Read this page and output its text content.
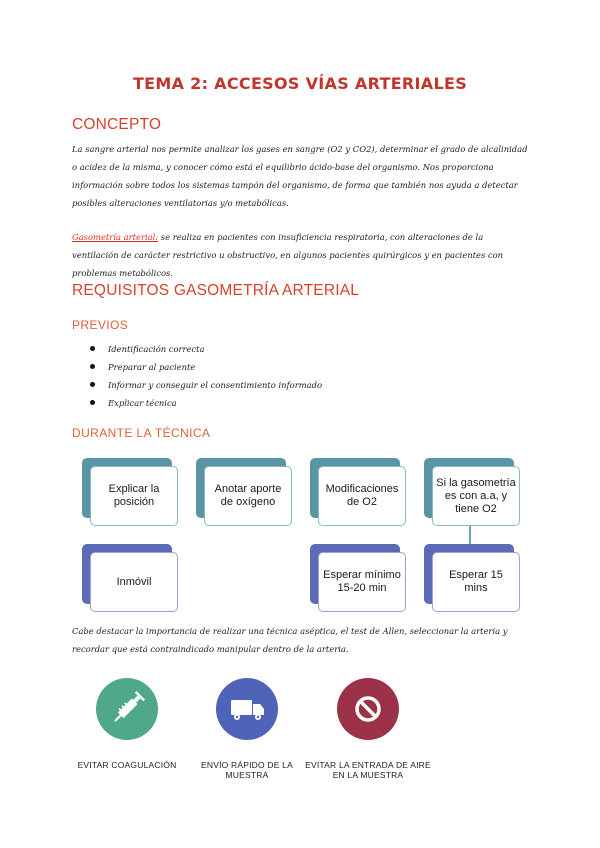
TEMA 2: ACCESOS VÍAS ARTERIALES
CONCEPTO
La sangre arterial nos permite analizar los gases en sangre (O2 y CO2), determinar el grado de alcalinidad o acidez de la misma, y conocer cómo está el equilibrio ácido-base del organismo. Nos proporciona información sobre todos los sistemas tampón del organismo, de forma que también nos ayuda a detectar posibles alteraciones ventilatorias y/o metabólicas.
Gasometría arterial: se realiza en pacientes con insuficiencia respiratoria, con alteraciones de la ventilación de carácter restrictivo u obstructivo, en algunos pacientes quirúrgicos y en pacientes con problemas metabólicos.
REQUISITOS GASOMETRÍA ARTERIAL
PREVIOS
Identificación correcta
Preparar al paciente
Informar y conseguir el consentimiento informado
Explicar técnica
DURANTE LA TÉCNICA
Explicar la posición
Anotar aporte de oxígeno
Modificaciones de O2
Si la gasometría es con a.a, y tiene O2
Inmóvil
Esperar mínimo 15-20 min
Esperar 15 mins
Cabe destacar la importancia de realizar una técnica aséptica, el test de Allen, seleccionar la arteria y recordar que está contraindicado manipular dentro de la arteria.
EVITAR COAGULACIÓN	ENVÍO RÁPIDO DE LA MUESTRA
EVITAR LA ENTRADA DE AIRE EN LA MUESTRA
